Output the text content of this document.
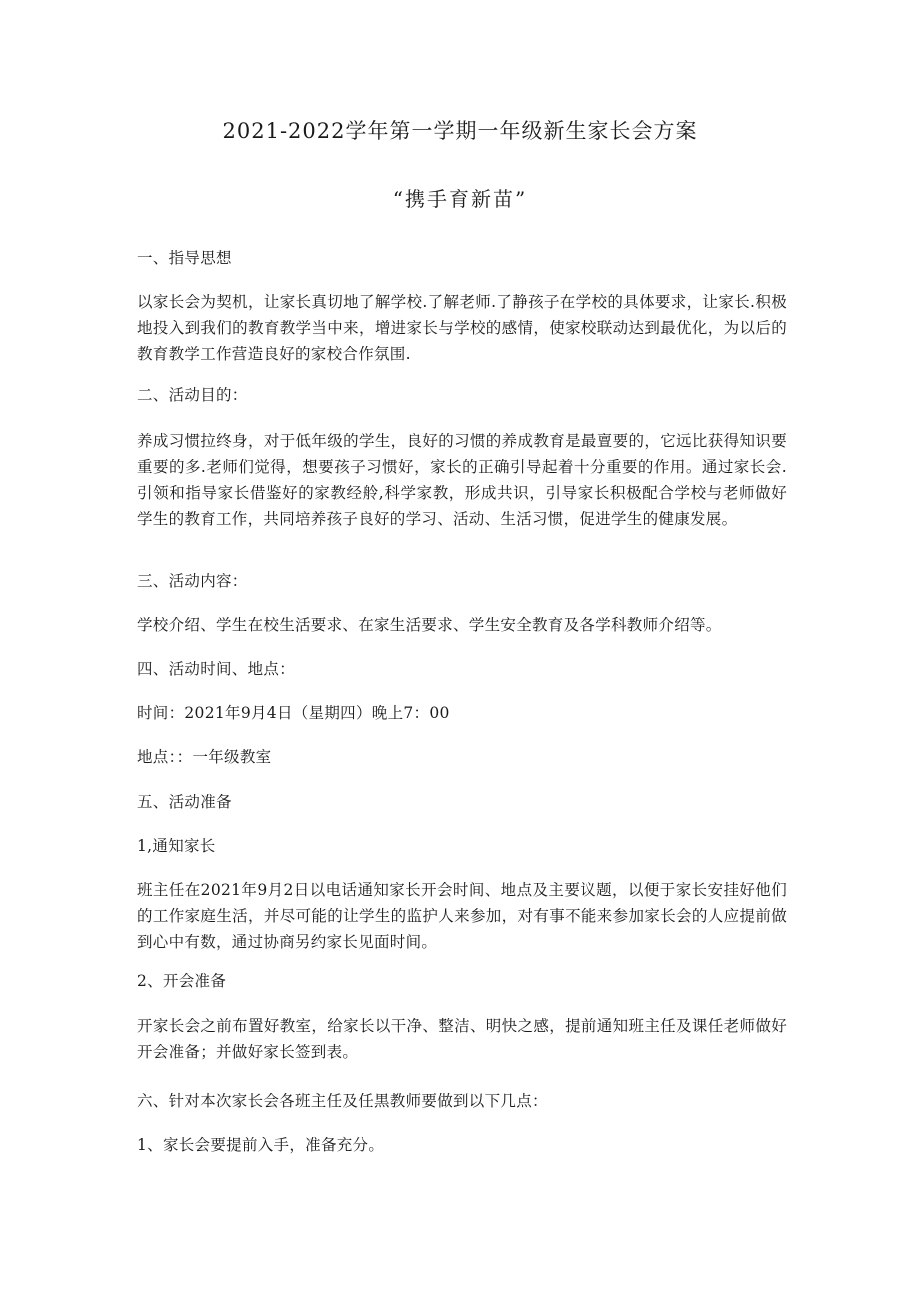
2021-2022学年第一学期一年级新生家长会方案

“携手育新苗”

一、指导思想

以家长会为契机，让家长真切地了解学校.了解老师.了静孩子在学校的具体要求，让家长.积极地投入到我们的教育教学当中来，增进家长与学校的感情，使家校联动达到最优化，为以后的教育教学工作营造良好的家校合作氛围.

二、活动目的：

养成习惯拉终身，对于低年级的学生，良好的习惯的养成教育是最亶要的，它远比获得知识要重要的多.老师们觉得，想要孩子习惯好，家长的正确引导起着十分重要的作用。通过家长会.引领和指导家长借鉴好的家教经舲,科学家教，形成共识，引导家长积极配合学校与老师做好学生的教育工作，共同培养孩子良好的学习、活动、生活习惯，促进学生的健康发展。

三、活动内容：

学校介绍、学生在校生活要求、在家生活要求、学生安全教育及各学科教师介绍等。

四、活动时间、地点：

时间：2021年9月4日（星期四）晚上7：00

地点：：一年级教室

五、活动准备

1,通知家长

班主任在2021年9月2日以电话通知家长开会时间、地点及主要议题，以便于家长安挂好他们的工作家庭生活，并尽可能的让学生的监护人来参加，对有事不能来参加家长会的人应提前做到心中有数，通过协商另约家长见面时间。

2、开会准备

开家长会之前布置好教室，给家长以干净、整洁、明快之感，提前通知班主任及课任老师做好开会准备；并做好家长签到表。

六、针对本次家长会各班主任及任黒教师要做到以下几点：

1、家长会要提前入手，准备充分。
